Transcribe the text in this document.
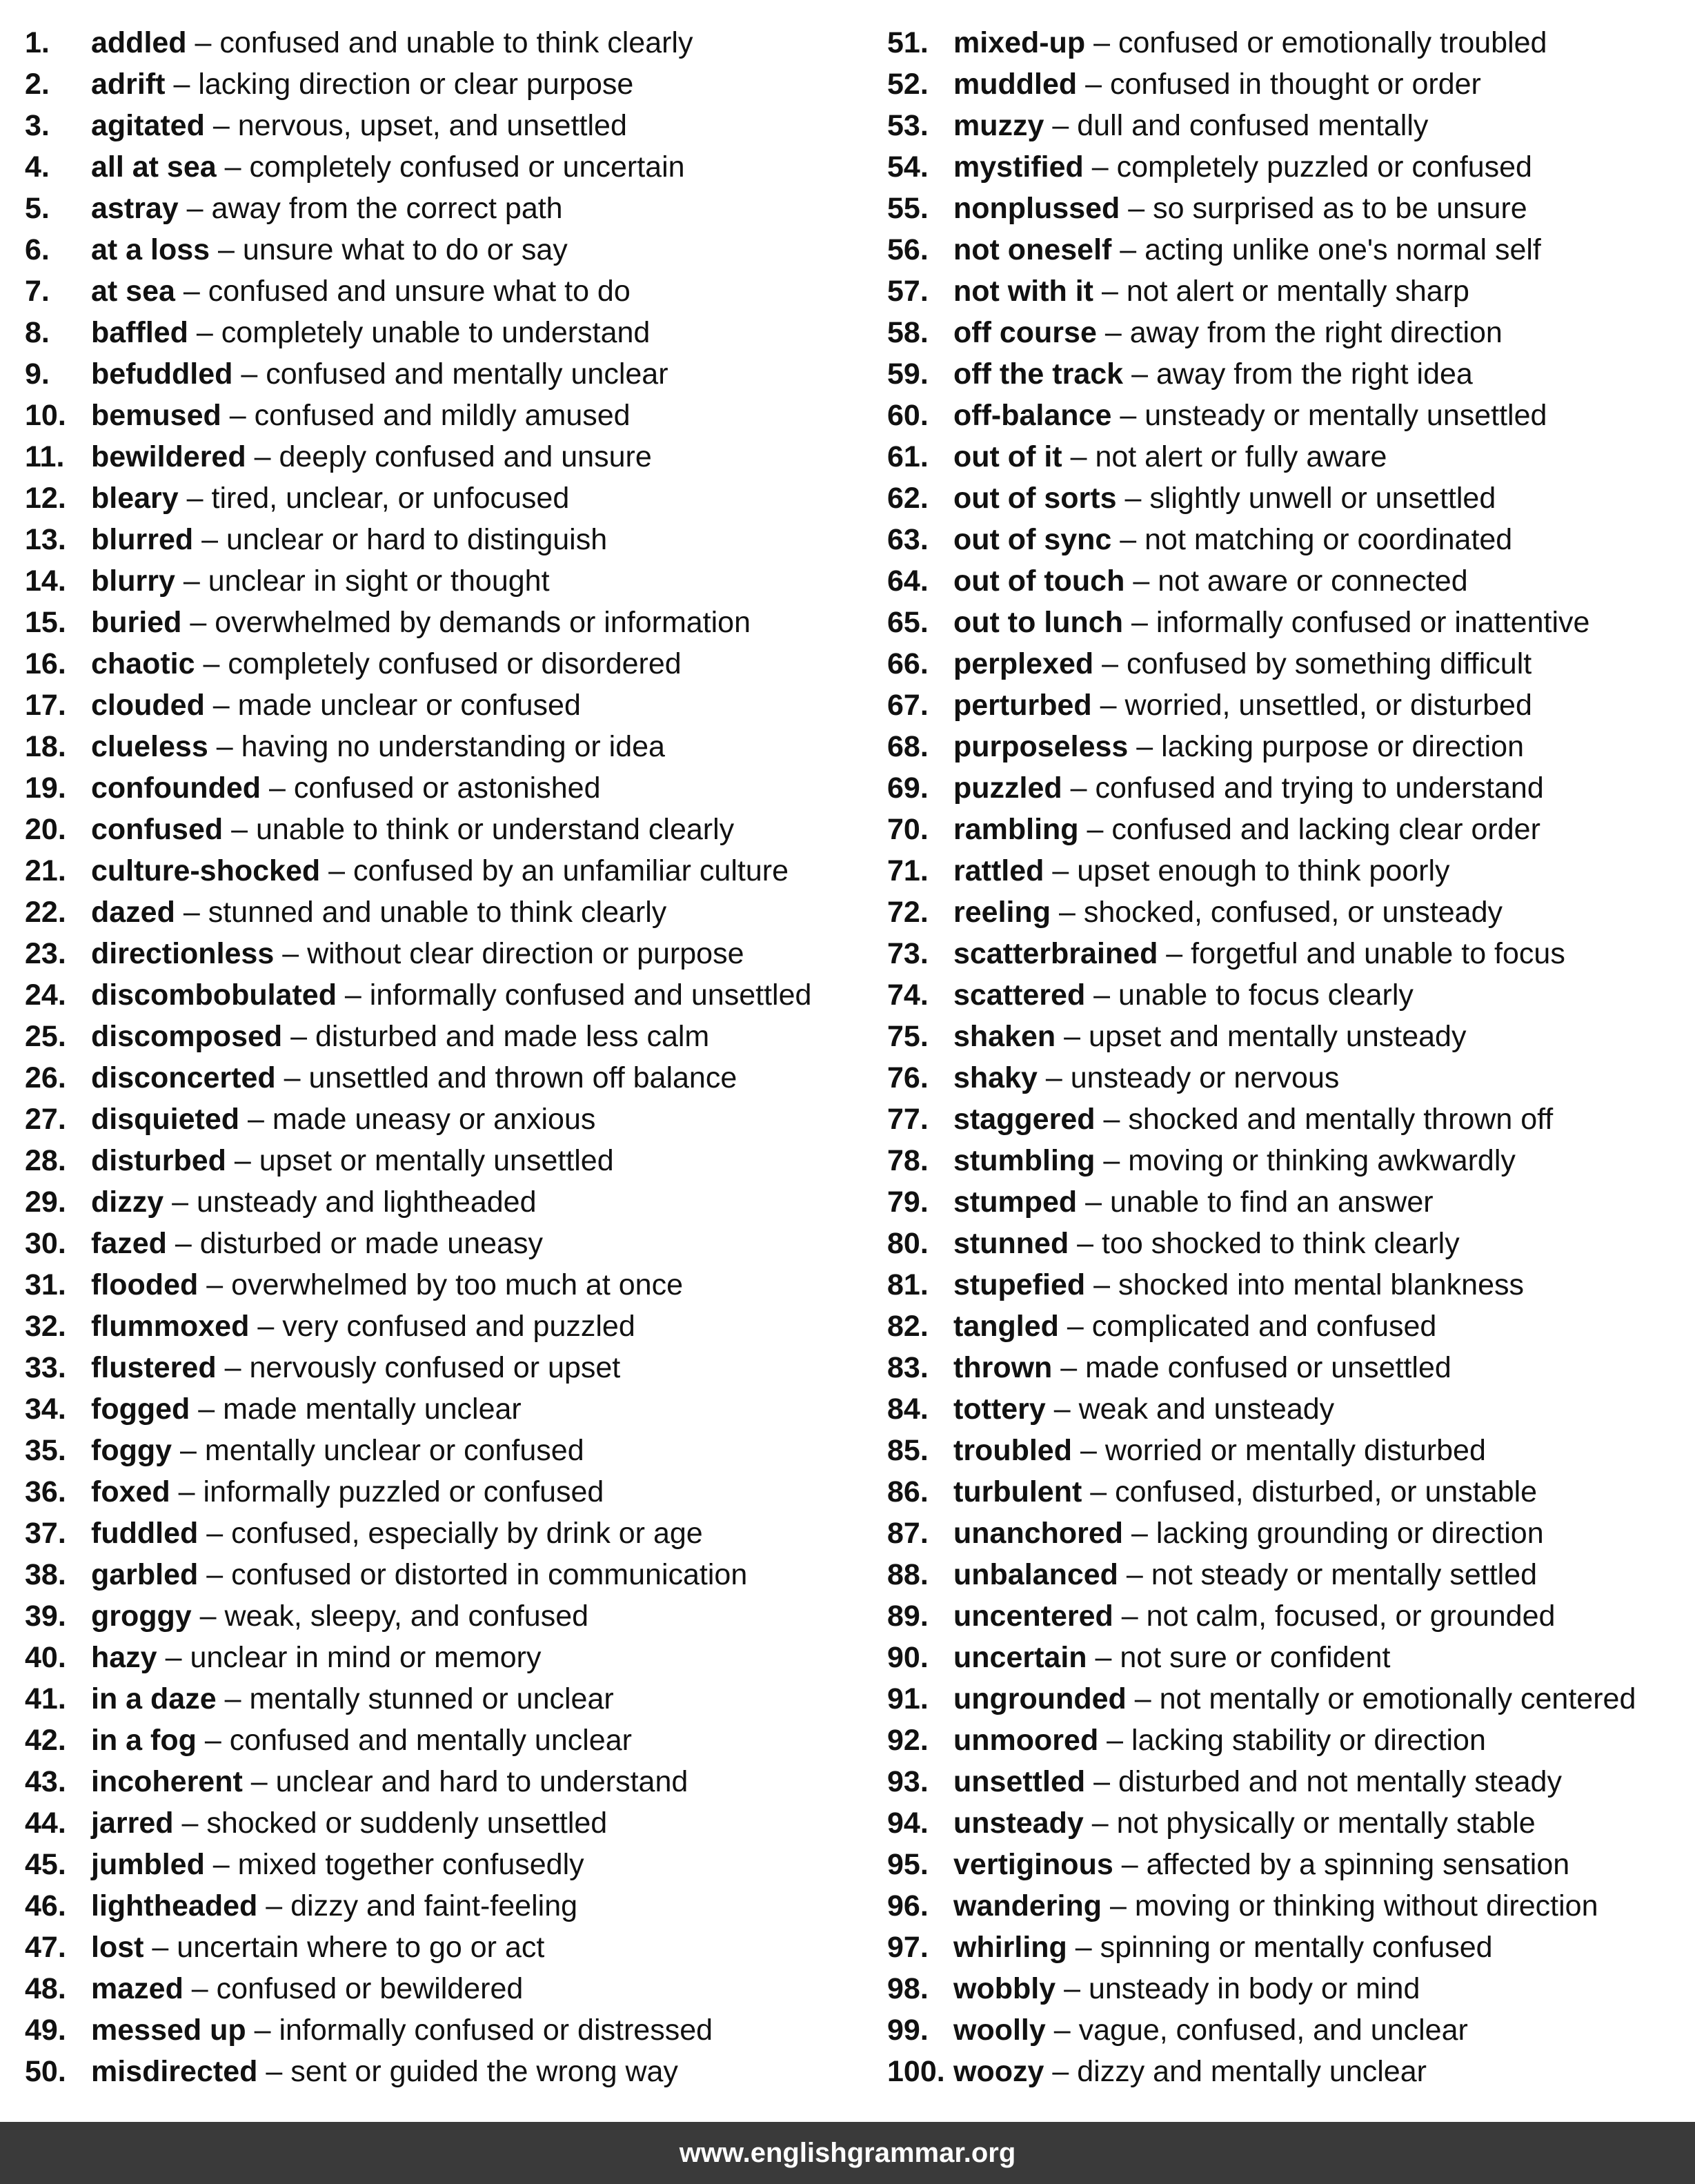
1. addled – confused and unable to think clearly
2. adrift – lacking direction or clear purpose
3. agitated – nervous, upset, and unsettled
4. all at sea – completely confused or uncertain
5. astray – away from the correct path
6. at a loss – unsure what to do or say
7. at sea – confused and unsure what to do
8. baffled – completely unable to understand
9. befuddled – confused and mentally unclear
10. bemused – confused and mildly amused
11. bewildered – deeply confused and unsure
12. bleary – tired, unclear, or unfocused
13. blurred – unclear or hard to distinguish
14. blurry – unclear in sight or thought
15. buried – overwhelmed by demands or information
16. chaotic – completely confused or disordered
17. clouded – made unclear or confused
18. clueless – having no understanding or idea
19. confounded – confused or astonished
20. confused – unable to think or understand clearly
21. culture-shocked – confused by an unfamiliar culture
22. dazed – stunned and unable to think clearly
23. directionless – without clear direction or purpose
24. discombobulated – informally confused and unsettled
25. discomposed – disturbed and made less calm
26. disconcerted – unsettled and thrown off balance
27. disquieted – made uneasy or anxious
28. disturbed – upset or mentally unsettled
29. dizzy – unsteady and lightheaded
30. fazed – disturbed or made uneasy
31. flooded – overwhelmed by too much at once
32. flummoxed – very confused and puzzled
33. flustered – nervously confused or upset
34. fogged – made mentally unclear
35. foggy – mentally unclear or confused
36. foxed – informally puzzled or confused
37. fuddled – confused, especially by drink or age
38. garbled – confused or distorted in communication
39. groggy – weak, sleepy, and confused
40. hazy – unclear in mind or memory
41. in a daze – mentally stunned or unclear
42. in a fog – confused and mentally unclear
43. incoherent – unclear and hard to understand
44. jarred – shocked or suddenly unsettled
45. jumbled – mixed together confusedly
46. lightheaded – dizzy and faint-feeling
47. lost – uncertain where to go or act
48. mazed – confused or bewildered
49. messed up – informally confused or distressed
50. misdirected – sent or guided the wrong way
51. mixed-up – confused or emotionally troubled
52. muddled – confused in thought or order
53. muzzy – dull and confused mentally
54. mystified – completely puzzled or confused
55. nonplussed – so surprised as to be unsure
56. not oneself – acting unlike one's normal self
57. not with it – not alert or mentally sharp
58. off course – away from the right direction
59. off the track – away from the right idea
60. off-balance – unsteady or mentally unsettled
61. out of it – not alert or fully aware
62. out of sorts – slightly unwell or unsettled
63. out of sync – not matching or coordinated
64. out of touch – not aware or connected
65. out to lunch – informally confused or inattentive
66. perplexed – confused by something difficult
67. perturbed – worried, unsettled, or disturbed
68. purposeless – lacking purpose or direction
69. puzzled – confused and trying to understand
70. rambling – confused and lacking clear order
71. rattled – upset enough to think poorly
72. reeling – shocked, confused, or unsteady
73. scatterbrained – forgetful and unable to focus
74. scattered – unable to focus clearly
75. shaken – upset and mentally unsteady
76. shaky – unsteady or nervous
77. staggered – shocked and mentally thrown off
78. stumbling – moving or thinking awkwardly
79. stumped – unable to find an answer
80. stunned – too shocked to think clearly
81. stupefied – shocked into mental blankness
82. tangled – complicated and confused
83. thrown – made confused or unsettled
84. tottery – weak and unsteady
85. troubled – worried or mentally disturbed
86. turbulent – confused, disturbed, or unstable
87. unanchored – lacking grounding or direction
88. unbalanced – not steady or mentally settled
89. uncentered – not calm, focused, or grounded
90. uncertain – not sure or confident
91. ungrounded – not mentally or emotionally centered
92. unmoored – lacking stability or direction
93. unsettled – disturbed and not mentally steady
94. unsteady – not physically or mentally stable
95. vertiginous – affected by a spinning sensation
96. wandering – moving or thinking without direction
97. whirling – spinning or mentally confused
98. wobbly – unsteady in body or mind
99. woolly – vague, confused, and unclear
100. woozy – dizzy and mentally unclear
www.englishgrammar.org
